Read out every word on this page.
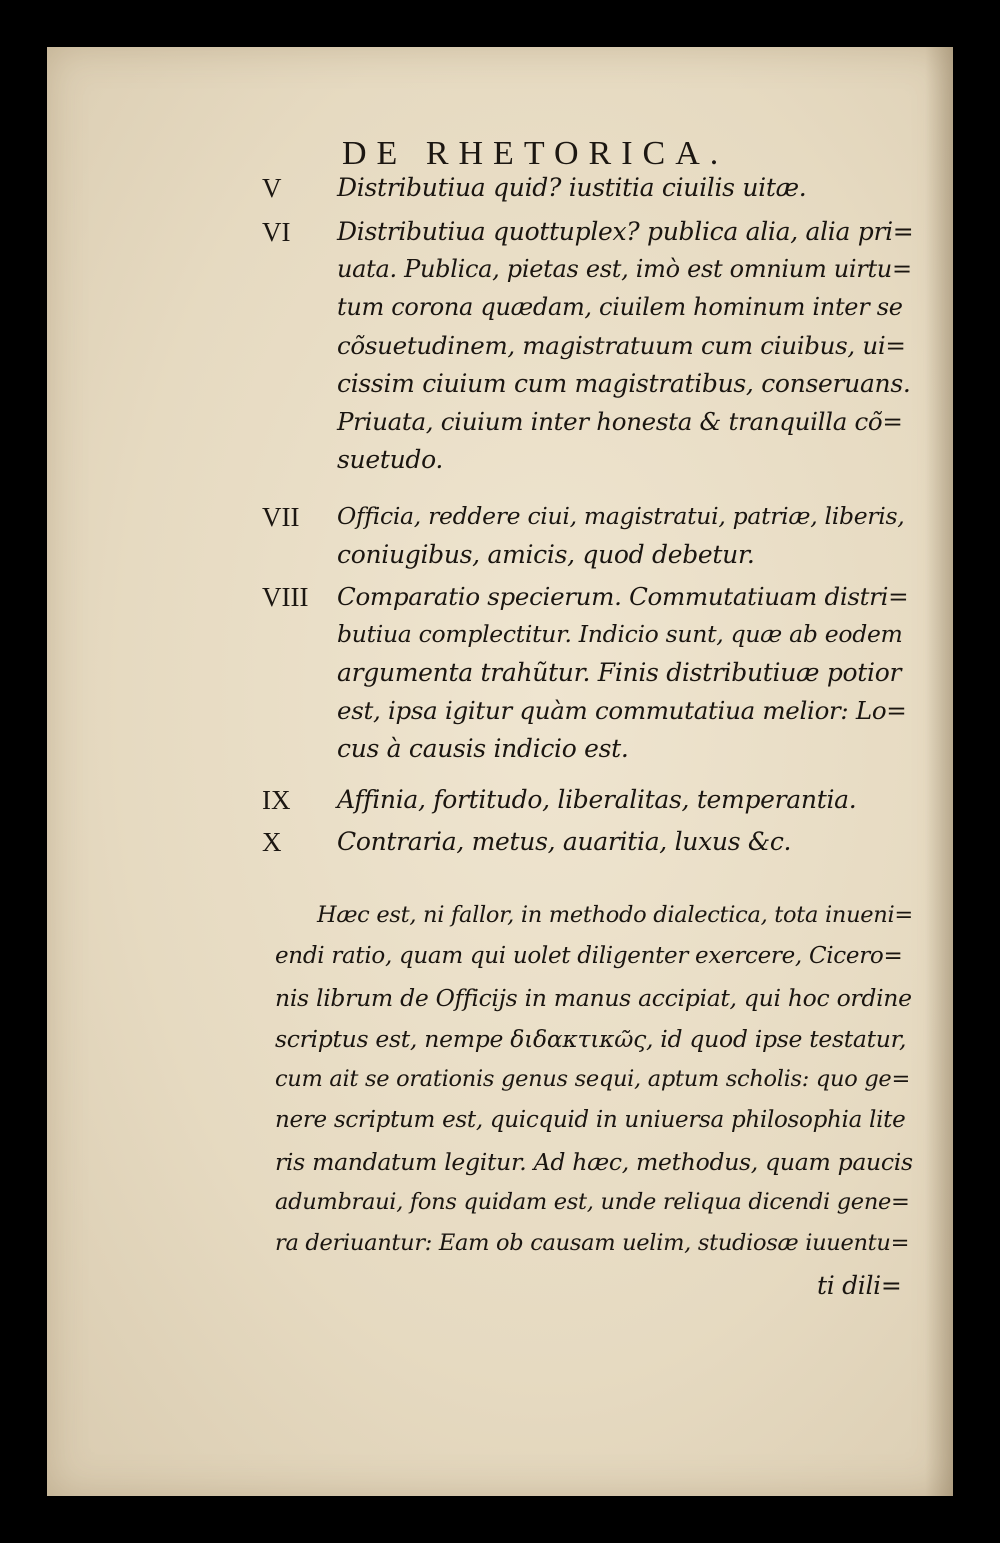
DE RHETORICA.
V Distributiua quid? iustitia ciuilis uitæ.
VI Distributiua quottuplex? publica alia, alia pri=
uata. Publica, pietas est, imò est omnium uirtu=
tum corona quædam, ciuilem hominum inter se
cõsuetudinem, magistratuum cum ciuibus, ui=
cissim ciuium cum magistratibus, conseruans.
Priuata, ciuium inter honesta & tranquilla cõ=
suetudo.
VII Officia, reddere ciui, magistratui, patriæ, liberis,
coniugibus, amicis, quod debetur.
VIII Comparatio specierum. Commutatiuam distri=
butiua complectitur. Indicio sunt, quæ ab eodem
argumenta trahũtur. Finis distributiuæ potior
est, ipsa igitur quàm commutatiua melior: Lo=
cus à causis indicio est.
IX Affinia, fortitudo, liberalitas, temperantia.
X Contraria, metus, auaritia, luxus &c.
Hæc est, ni fallor, in methodo dialectica, tota inueni=
endi ratio, quam qui uolet diligenter exercere, Cicero=
nis librum de Officijs in manus accipiat, qui hoc ordine
scriptus est, nempe διδακτικῶς, id quod ipse testatur,
cum ait se orationis genus sequi, aptum scholis: quo ge=
nere scriptum est, quicquid in uniuersa philosophia lite
ris mandatum legitur. Ad hæc, methodus, quam paucis
adumbraui, fons quidam est, unde reliqua dicendi gene=
ra deriuantur: Eam ob causam uelim, studiosæ iuuentu=
ti dili=
